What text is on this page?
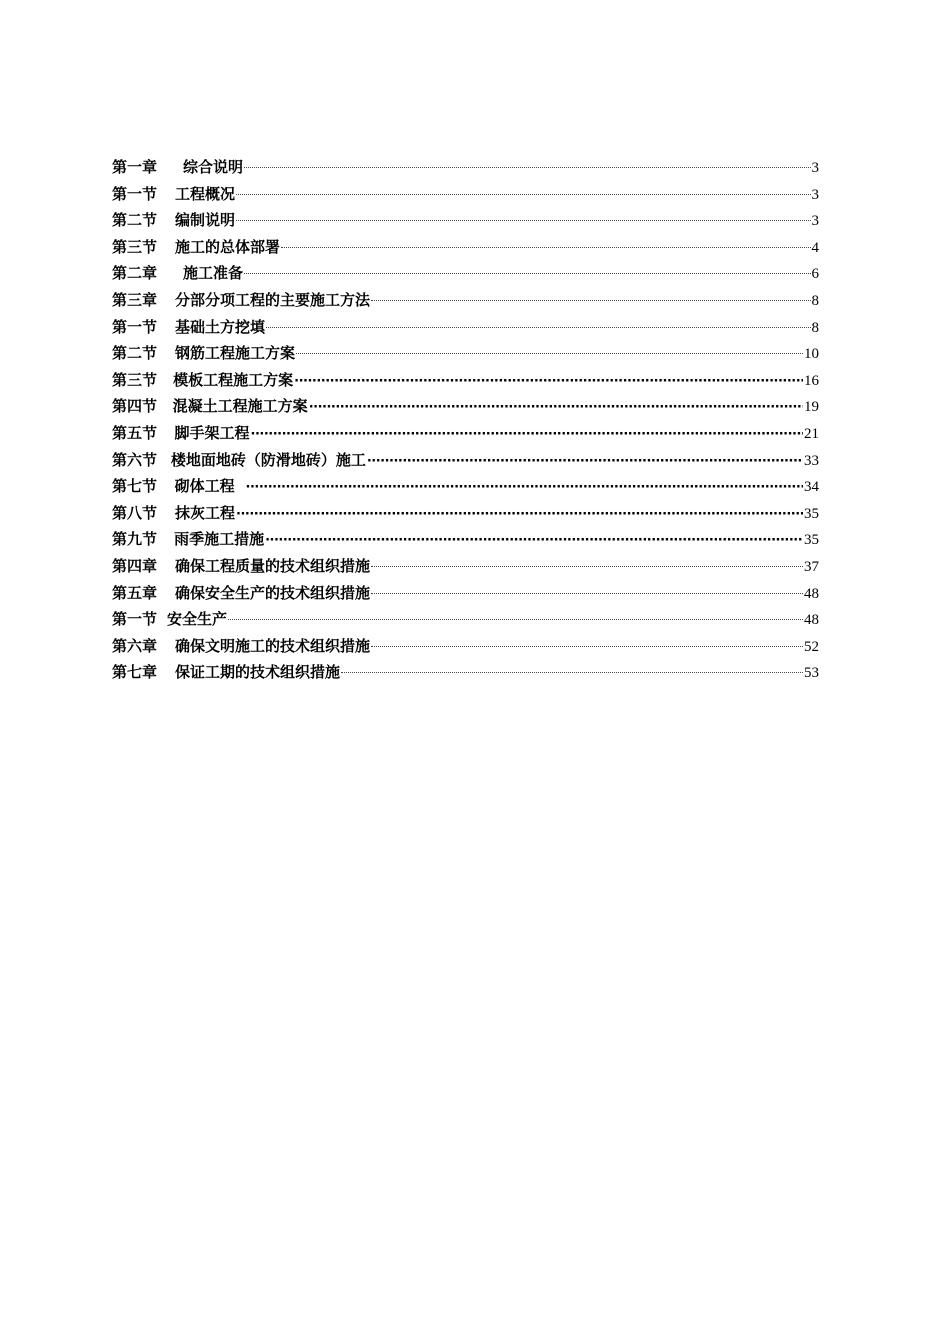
第一章 综合说明	3
第一节 工程概况	3
第二节 编制说明	3
第三节 施工的总体部署	4
第二章 施工准备	6
第三章 分部分项工程的主要施工方法	8
第一节 基础土方挖填	8
第二节 钢筋工程施工方案	10
第三节 模板工程施工方案 ·····	16
第四节 混凝土工程施工方案 ·····	19
第五节 脚手架工程 ·····	21
第六节 楼地面地砖（防滑地砖）施工 ·····	33
第七节 砌体工程 ·····	34
第八节 抹灰工程 ·····	35
第九节 雨季施工措施 ·····	35
第四章 确保工程质量的技术组织措施	37
第五章 确保安全生产的技术组织措施	48
第一节 安全生产	48
第六章 确保文明施工的技术组织措施	52
第七章 保证工期的技术组织措施	53
